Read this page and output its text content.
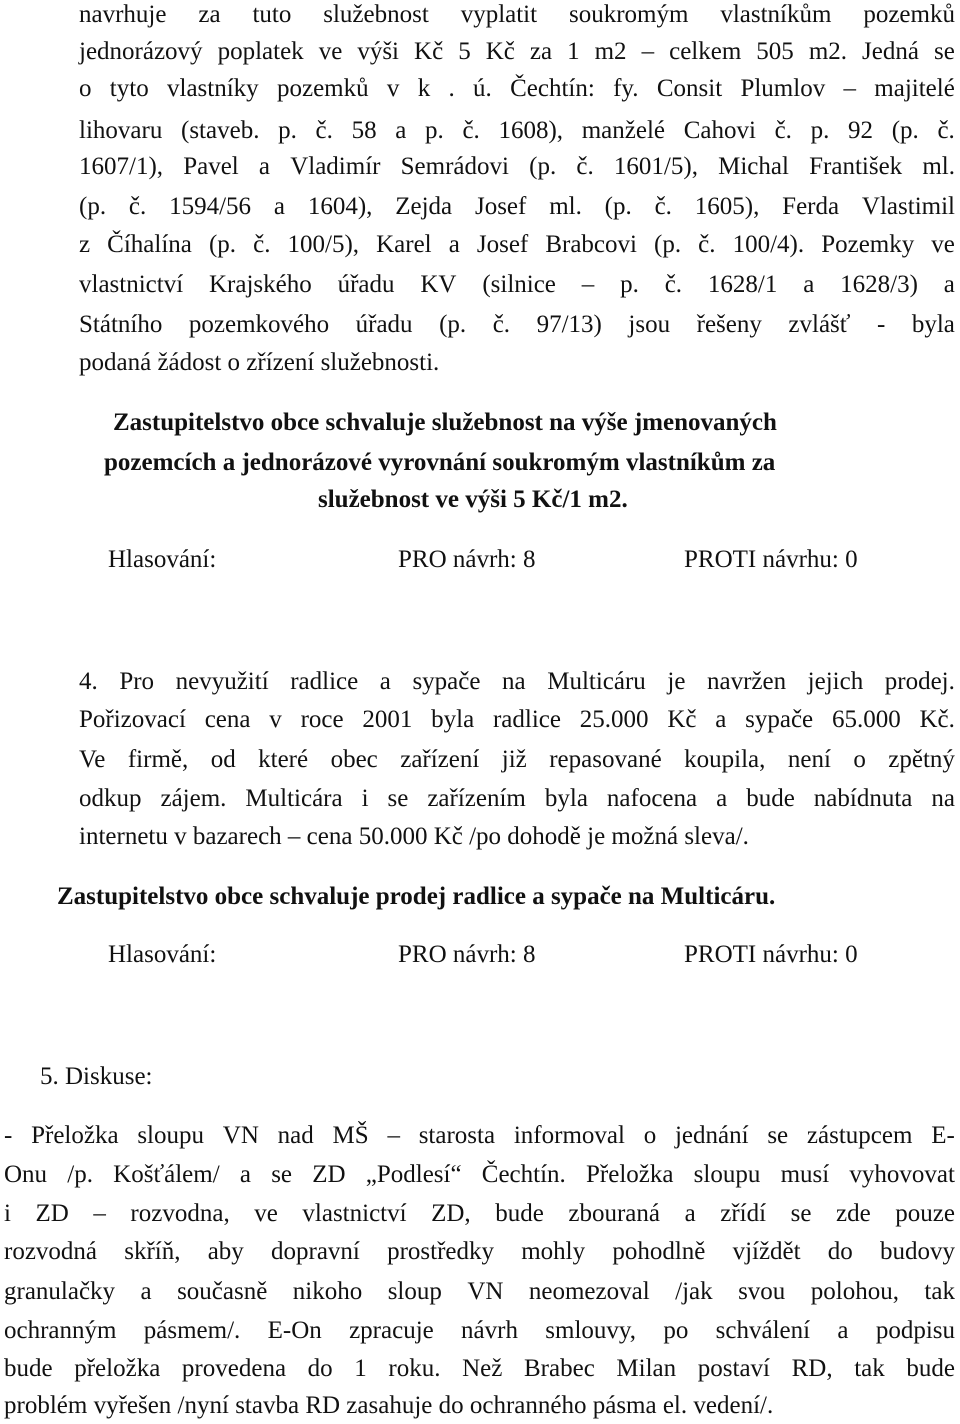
navrhuje za tuto služebnost vyplatit soukromým vlastníkům pozemků
jednorázový poplatek ve výši Kč 5 Kč za 1 m2 – celkem 505 m2. Jedná se
o tyto vlastníky pozemků v k . ú. Čechtín: fy. Consit Plumlov – majitelé
lihovaru (staveb. p. č. 58 a p. č. 1608), manželé Cahovi č. p. 92 (p. č.
1607/1), Pavel a Vladimír Semrádovi (p. č. 1601/5), Michal František ml.
(p. č. 1594/56 a 1604), Zejda Josef ml. (p. č. 1605), Ferda Vlastimil
z Číhalína (p. č. 100/5), Karel a Josef Brabcovi (p. č. 100/4). Pozemky ve
vlastnictví Krajského úřadu KV (silnice – p. č. 1628/1 a 1628/3) a
Státního pozemkového úřadu (p. č. 97/13) jsou řešeny zvlášť - byla
podaná žádost o zřízení služebnosti.
Zastupitelstvo obce schvaluje služebnost na výše jmenovaných
pozemcích a jednorázové vyrovnání soukromým vlastníkům za
služebnost ve výši 5 Kč/1 m2.
Hlasování:	PRO návrh: 8	PROTI návrhu: 0
4. Pro nevyužití radlice a sypače na Multicáru je navržen jejich prodej.
Pořizovací cena v roce 2001 byla radlice 25.000 Kč a sypače 65.000 Kč.
Ve firmě, od které obec zařízení již repasované koupila, není o zpětný
odkup zájem. Multicára i se zařízením byla nafocena a bude nabídnuta na
internetu v bazarech – cena 50.000 Kč /po dohodě je možná sleva/.
Zastupitelstvo obce schvaluje prodej radlice a sypače na Multicáru.
Hlasování:	PRO návrh: 8	PROTI návrhu: 0
5. Diskuse:
- Přeložka sloupu VN nad MŠ – starosta informoval o jednání se zástupcem E-
Onu /p. Košťálem/ a se ZD „Podlesí“ Čechtín. Přeložka sloupu musí vyhovovat
i ZD – rozvodna, ve vlastnictví ZD, bude zbouraná a zřídí se zde pouze
rozvodná skříň, aby dopravní prostředky mohly pohodlně vjíždět do budovy
granulačky a současně nikoho sloup VN neomezoval /jak svou polohou, tak
ochranným pásmem/. E-On zpracuje návrh smlouvy, po schválení a podpisu
bude přeložka provedena do 1 roku. Než Brabec Milan postaví RD, tak bude
problém vyřešen /nyní stavba RD zasahuje do ochranného pásma el. vedení/.
